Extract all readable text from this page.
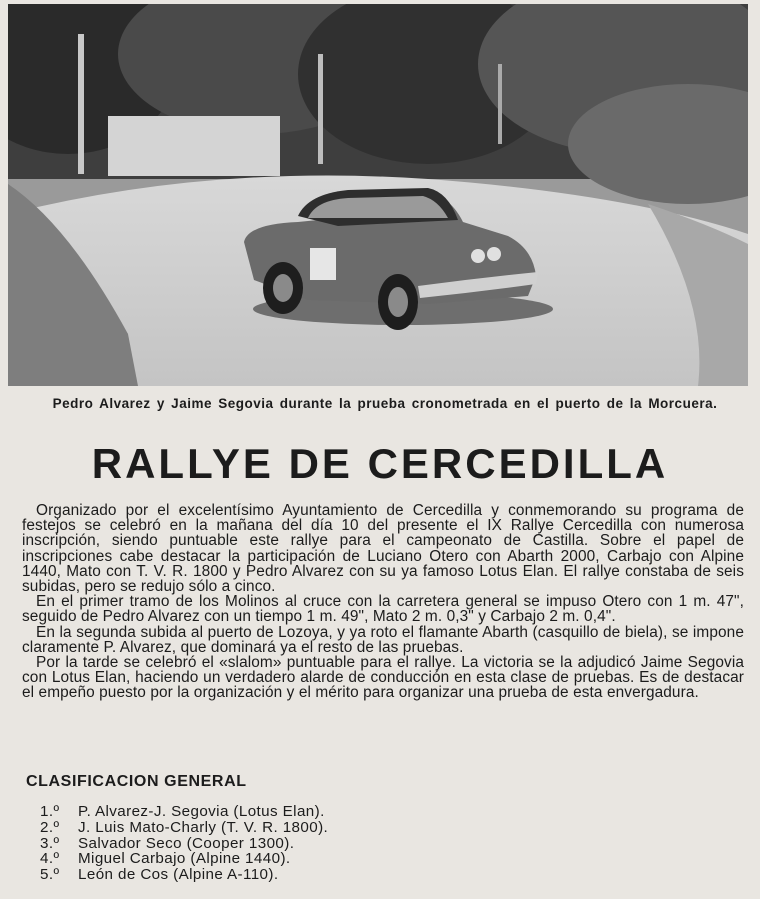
Pedro Alvarez y Jaime Segovia durante la prueba cronometrada en el puerto de la Morcuera.
RALLYE DE CERCEDILLA

Organizado por el excelentísimo Ayuntamiento de Cercedilla y conmemorando su programa de festejos se celebró en la mañana del día 10 del presente el IX Rallye Cercedilla con numerosa inscripción, siendo puntuable este rallye para el campeonato de Castilla. Sobre el papel de inscripciones cabe destacar la participación de Luciano Otero con Abarth 2000, Carbajo con Alpine 1440, Mato con T. V. R. 1800 y Pedro Alvarez con su ya famoso Lotus Elan. El rallye constaba de seis subidas, pero se redujo sólo a cinco.

En el primer tramo de los Molinos al cruce con la carretera general se impuso Otero con 1 m. 47", seguido de Pedro Alvarez con un tiempo 1 m. 49", Mato 2 m. 0,3" y Carbajo 2 m. 0,4".

En la segunda subida al puerto de Lozoya, y ya roto el flamante Abarth (casquillo de biela), se impone claramente P. Alvarez, que dominará ya el resto de las pruebas.

Por la tarde se celebró el «slalom» puntuable para el rallye. La victoria se la adjudicó Jaime Segovia con Lotus Elan, haciendo un verdadero alarde de conducción en esta clase de pruebas. Es de destacar el empeño puesto por la organización y el mérito para organizar una prueba de esta envergadura.

CLASIFICACION GENERAL
1.º P. Alvarez-J. Segovia (Lotus Elan).
2.º J. Luis Mato-Charly (T. V. R. 1800).
3.º Salvador Seco (Cooper 1300).
4.º Miguel Carbajo (Alpine 1440).
5.º León de Cos (Alpine A-110).
